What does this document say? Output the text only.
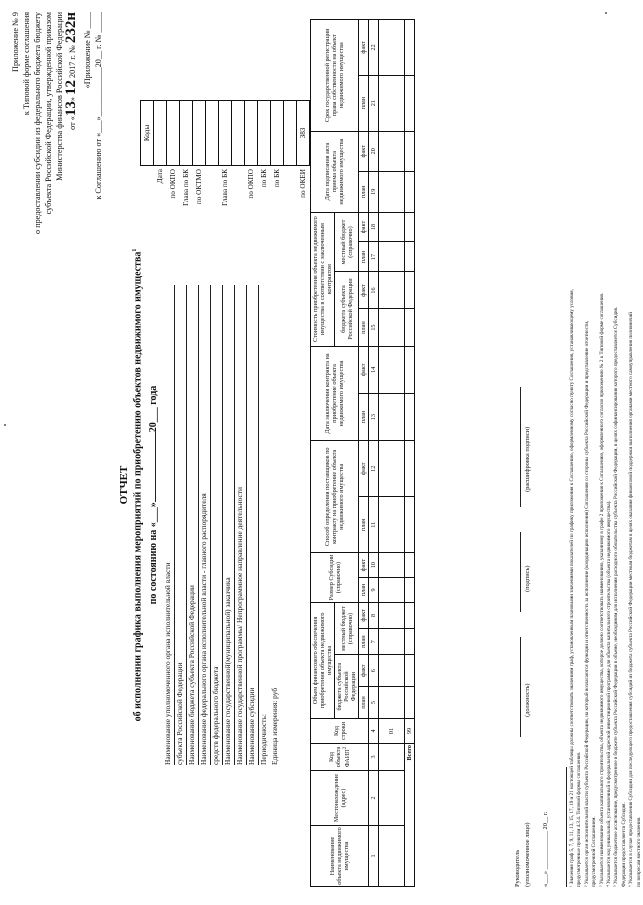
Приложение № 9 к Типовой форме соглашения о предоставлении субсидии из федерального бюджета бюджету субъекта Российской Федерации, утвержденной приказом Министерства финансов Российской Федерации от «13» 12 2017 г. № 232н «Приложение № ____ к Соглашению от «___»____________20__ г. № _____
ОТЧЕТ об исполнении графика выполнения мероприятий по приобретению объектов недвижимого имущества$^1$
по состоянию на «___»20___ года
Наименование уполномоченного органа исполнительной власти субъекта Российской Федерации Наименование бюджета субъекта Российской Федерации Наименование федерального органа исполнительной власти - главного распорядителя средств федерального бюджета Наименование государственной(муниципальной) заказчика Наименование государственной программы/ Непрограммное направление деятельности Наименование субсидии Периодичность: Единица измерения: руб
	Коды
Дата	
по ОКПО	
Глава по БК	
по ОКТМО	

Глава по БК	

по ОКПО	
по БК	
по БК	

по ОКЕИ	383
Наименование объекта недвижимого имущества	Местонахождение (адрес)	Код объекта ФАИП$^2$	Код строки	Объем финансового обеспечения приобретения объекта недвижимого имущества				Размер Субсидии (справочно)		Способ определения поставщиков по контракту на приобретение объекта недвижимого имущества		Дата заключения контракта на приобретение объекта недвижимого имущества		Стоимость приобретения объекта недвижимого имущества в соответствии с заключенным контрактом				Дата подписания акта приема объекта недвижимого имущества		Срок государственной регистрации права собственности на объект недвижимого имущества	
				бюджета субъекта Российской Федерации		местный бюджет (справочно)								бюджета субъекта Российской Федерации		местный бюджет (справочно)					
				план	факт	план	факт	план	факт	план	факт	план	факт	план	факт	план	факт	план	факт	план	факт
1	2	3	4	5	6	7	8	9	10	11	12	13	14	15	16	17	18	19	20	21	22
			01																		
Всего			99																		
Руководитель (уполномоченное лицо)
(должность)
(подпись)
(расшифровка подписи)
«___» ____________ 20__ г.	¹ Значения граф 5, 7, 9, 11, 13, 15, 17, 19 и 21 настоящей таблицы должны соответствовать значениям граф, установленным плановыми значениями показателей по графику приложения к Соглашению, оформленному согласно пункту Соглашения, устанавливающему условия, предусмотренные пунктом 4.3.4. Типовой формы соглашения. ² Указывается орган исполнительной власти субъекта Российской Федерации, на который возлагаются функции и ответственность за исполнение (координацию исполнения) Соглашения со стороны субъекта Российской Федерации и представление отчетности, предусмотренной Соглашением. ³ Указывается наименование объекта капитального строительства, объекта недвижимого имущества, которое должно соответствовать наименованию, указанному в графе 2 приложения к Соглашению, оформленного согласно приложению № 2 к Типовой форме соглашения. ⁴ Указывается код уникальный, установленный в федеральной адресной инвестиционной программе для объекта капитального строительства (объекта недвижимого имущества). ⁵ Указывается бюджетное ассигнование, предусмотренное в бюджете субъекта Российской Федерации в объеме, необходимом для исполнения расходного обязательства субъекта Российской Федерации, в целях софинансирования которого предоставляется Субсидия. Федерации предоставляется Субсидия. ⁶ Указывается в случае предоставления Субсидии для последующего предоставления субсидий из бюджета субъекта Российской Федерации местным бюджетам в целях оказания финансовой поддержки выполнения органами местного самоуправления полномочий по вопросам местного значения.
